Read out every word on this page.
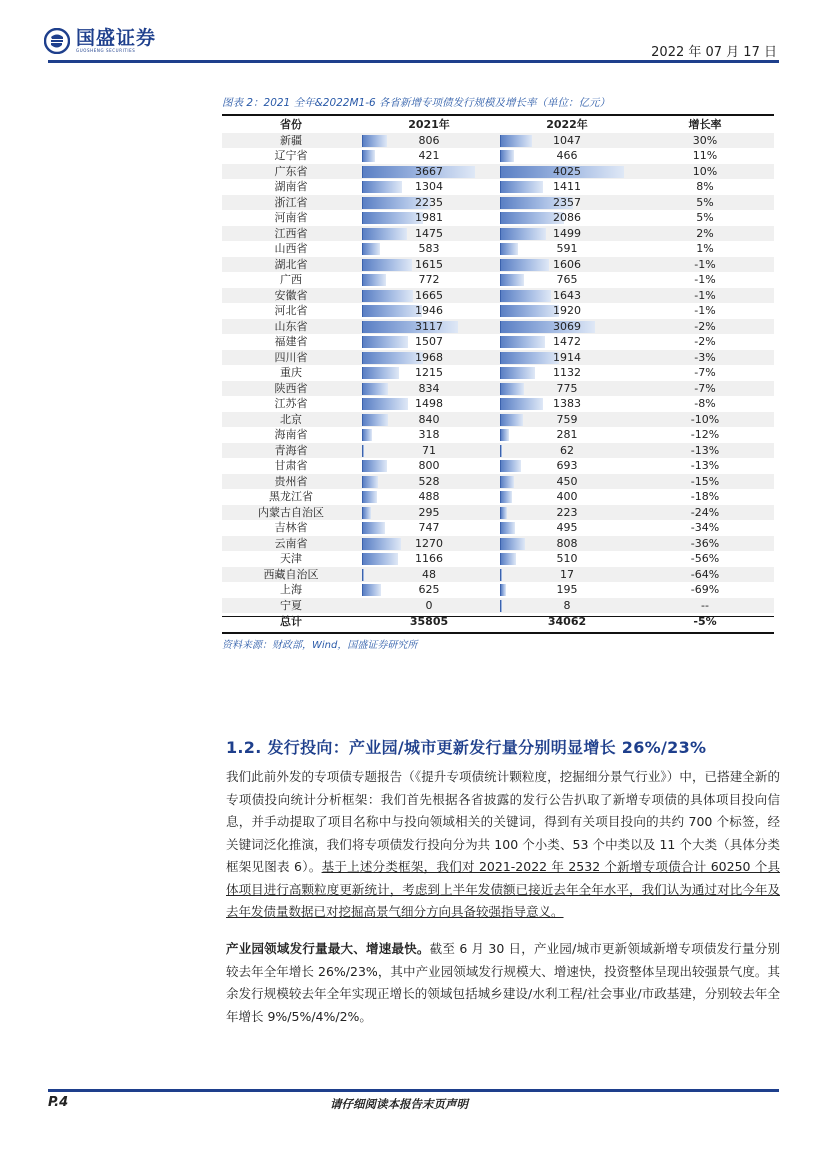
国盛证券
GUOSHENG SECURITIES	2022 年 07 月 17 日
图表 2：2021 全年&2022M1-6 各省新增专项债发行规模及增长率（单位：亿元）
省份	2021年	2022年	增长率
新疆	806	1047	30%
辽宁省	421	466	11%
广东省	3667	4025	10%
湖南省	1304	1411	8%
浙江省	2235	2357	5%
河南省	1981	2086	5%
江西省	1475	1499	2%
山西省	583	591	1%
湖北省	1615	1606	-1%
广西	772	765	-1%
安徽省	1665	1643	-1%
河北省	1946	1920	-1%
山东省	3117	3069	-2%
福建省	1507	1472	-2%
四川省	1968	1914	-3%
重庆	1215	1132	-7%
陕西省	834	775	-7%
江苏省	1498	1383	-8%
北京	840	759	-10%
海南省	318	281	-12%
青海省	71	62	-13%
甘肃省	800	693	-13%
贵州省	528	450	-15%
黑龙江省	488	400	-18%
内蒙古自治区	295	223	-24%
吉林省	747	495	-34%
云南省	1270	808	-36%
天津	1166	510	-56%
西藏自治区	48	17	-64%
上海	625	195	-69%
宁夏	0	8	--
总计	35805	34062	-5%
资料来源：财政部，Wind，国盛证券研究所
1.2. 发行投向：产业园/城市更新发行量分别明显增长 26%/23%
我们此前外发的专项债专题报告（《提升专项债统计颗粒度，挖掘细分景气行业》）中，已搭建全新的专项债投向统计分析框架：我们首先根据各省披露的发行公告扒取了新增专项债的具体项目投向信息，并手动提取了项目名称中与投向领域相关的关键词，得到有关项目投向的共约 700 个标签，经关键词泛化推演，我们将专项债发行投向分为共 100 个小类、53 个中类以及 11 个大类（具体分类框架见图表 6）。基于上述分类框架，我们对 2021-2022 年 2532 个新增专项债合计 60250 个具体项目进行高颗粒度更新统计，考虑到上半年发债额已接近去年全年水平，我们认为通过对比今年及去年发债量数据已对挖掘高景气细分方向具备较强指导意义。
产业园领域发行量最大、增速最快。截至 6 月 30 日，产业园/城市更新领域新增专项债发行量分别较去年全年增长 26%/23%，其中产业园领域发行规模大、增速快，投资整体呈现出较强景气度。其余发行规模较去年全年实现正增长的领域包括城乡建设/水利工程/社会事业/市政基建，分别较去年全年增长 9%/5%/4%/2%。
P.4	请仔细阅读本报告末页声明
